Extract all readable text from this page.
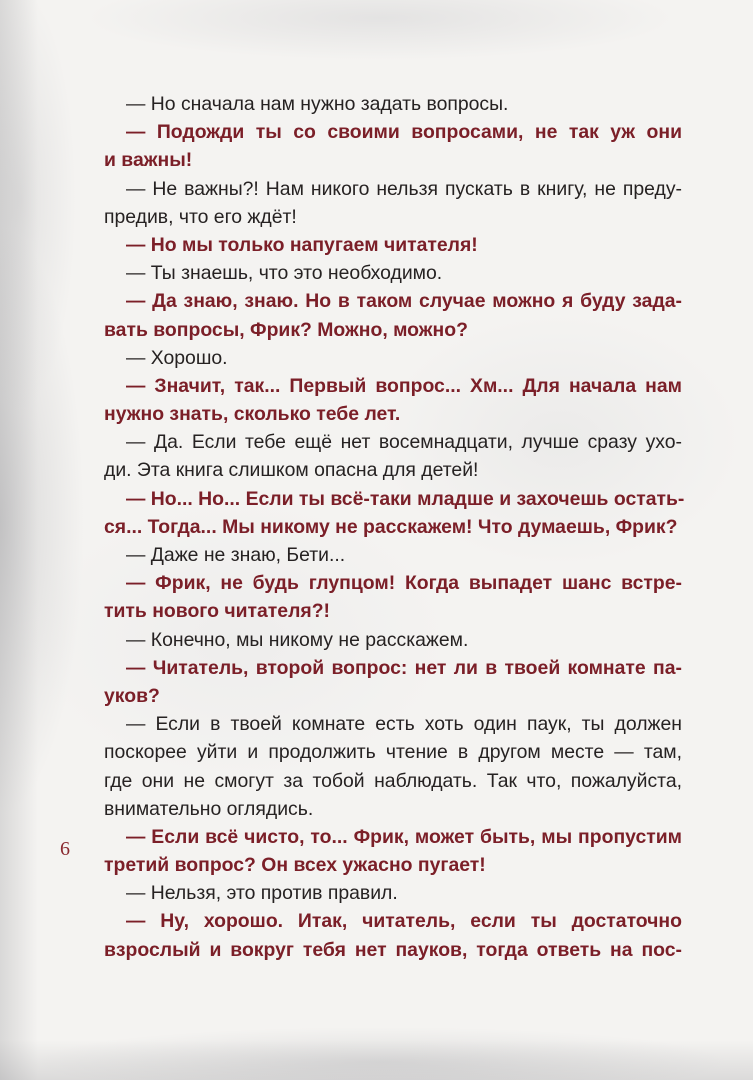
— Но сначала нам нужно задать вопросы.
— Подожди ты со своими вопросами, не так уж они
и важны!
— Не важны?! Нам никого нельзя пускать в книгу, не преду-
предив, что его ждёт!
— Но мы только напугаем читателя!
— Ты знаешь, что это необходимо.
— Да знаю, знаю. Но в таком случае можно я буду зада-
вать вопросы, Фрик? Можно, можно?
— Хорошо.
— Значит, так... Первый вопрос... Хм... Для начала нам
нужно знать, сколько тебе лет.
— Да. Если тебе ещё нет восемнадцати, лучше сразу ухо-
ди. Эта книга слишком опасна для детей!
— Но... Но... Если ты всё-таки младше и захочешь остать-
ся... Тогда... Мы никому не расскажем! Что думаешь, Фрик?
— Даже не знаю, Бети...
— Фрик, не будь глупцом! Когда выпадет шанс встре-
тить нового читателя?!
— Конечно, мы никому не расскажем.
— Читатель, второй вопрос: нет ли в твоей комнате па-
уков?
— Если в твоей комнате есть хоть один паук, ты должен
поскорее уйти и продолжить чтение в другом месте — там,
где они не смогут за тобой наблюдать. Так что, пожалуйста,
внимательно оглядись.
— Если всё чисто, то... Фрик, может быть, мы пропустим
третий вопрос? Он всех ужасно пугает!
— Нельзя, это против правил.
— Ну, хорошо. Итак, читатель, если ты достаточно
взрослый и вокруг тебя нет пауков, тогда ответь на пос-
6
